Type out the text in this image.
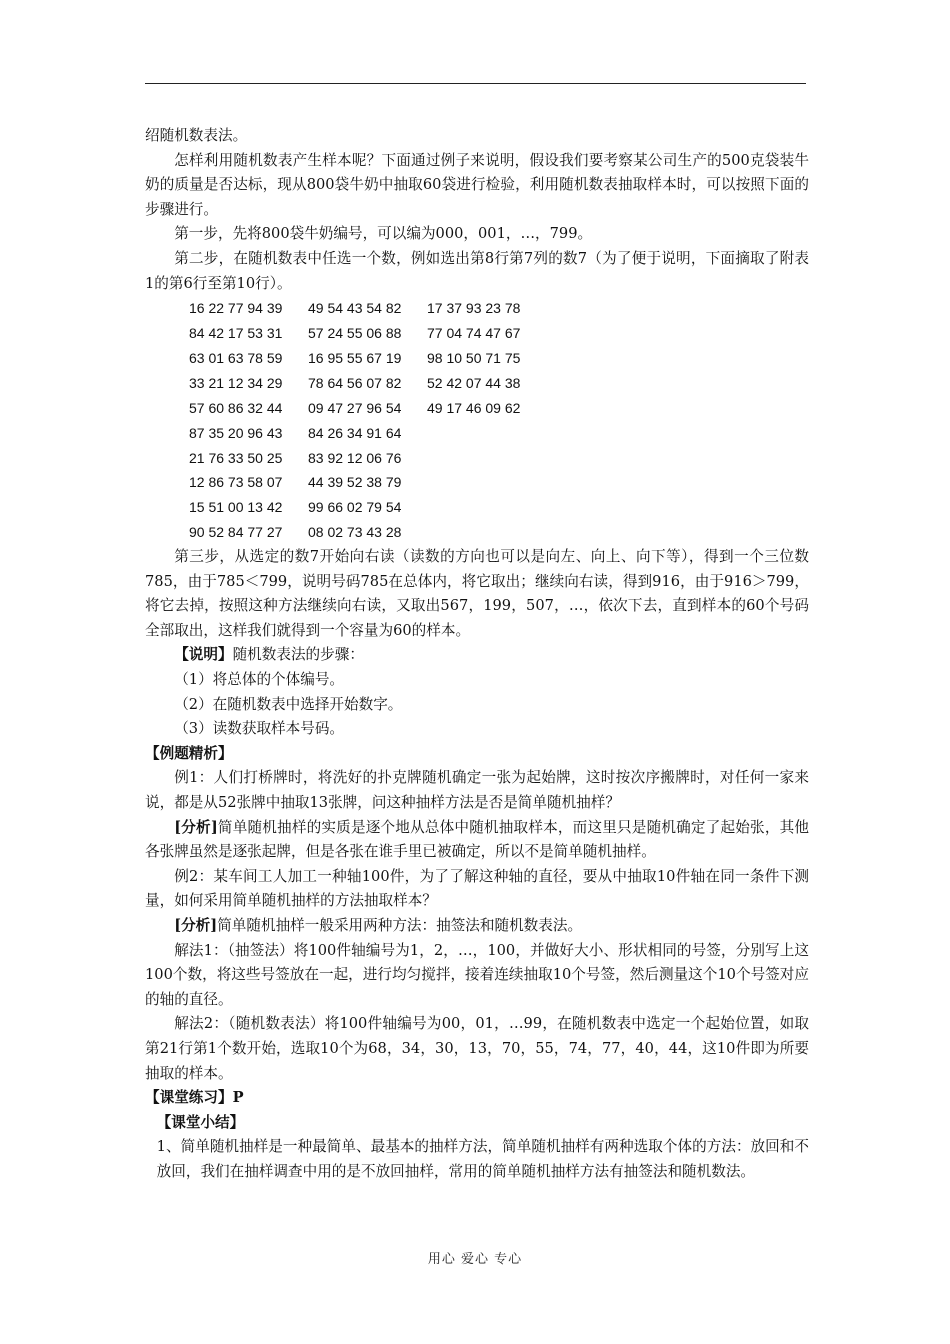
绍随机数表法。

怎样利用随机数表产生样本呢？下面通过例子来说明，假设我们要考察某公司生产的500克袋装牛奶的质量是否达标，现从800袋牛奶中抽取60袋进行检验，利用随机数表抽取样本时，可以按照下面的步骤进行。

第一步，先将800袋牛奶编号，可以编为000，001，…，799。

第二步，在随机数表中任选一个数，例如选出第8行第7列的数7（为了便于说明，下面摘取了附表1的第6行至第10行）。

16 22 77 94 39	49 54 43 54 82	17 37 93 23 78
84 42 17 53 31	57 24 55 06 88	77 04 74 47 67
63 01 63 78 59	16 95 55 67 19	98 10 50 71 75
33 21 12 34 29	78 64 56 07 82	52 42 07 44 38
57 60 86 32 44	09 47 27 96 54	49 17 46 09 62
87 35 20 96 43	84 26 34 91 64
21 76 33 50 25	83 92 12 06 76
12 86 73 58 07	44 39 52 38 79
15 51 00 13 42	99 66 02 79 54
90 52 84 77 27	08 02 73 43 28

第三步，从选定的数7开始向右读（读数的方向也可以是向左、向上、向下等），得到一个三位数785，由于785＜799，说明号码785在总体内，将它取出；继续向右读，得到916，由于916＞799，将它去掉，按照这种方法继续向右读，又取出567，199，507，…，依次下去，直到样本的60个号码全部取出，这样我们就得到一个容量为60的样本。

【说明】随机数表法的步骤：

（1）将总体的个体编号。

（2）在随机数表中选择开始数字。

（3）读数获取样本号码。

【例题精析】

例1：人们打桥牌时，将洗好的扑克牌随机确定一张为起始牌，这时按次序搬牌时，对任何一家来说，都是从52张牌中抽取13张牌，问这种抽样方法是否是简单随机抽样？

[分析]简单随机抽样的实质是逐个地从总体中随机抽取样本，而这里只是随机确定了起始张，其他各张牌虽然是逐张起牌，但是各张在谁手里已被确定，所以不是简单随机抽样。

例2：某车间工人加工一种轴100件，为了了解这种轴的直径，要从中抽取10件轴在同一条件下测量，如何采用简单随机抽样的方法抽取样本？

[分析]简单随机抽样一般采用两种方法：抽签法和随机数表法。

解法1：（抽签法）将100件轴编号为1，2，…，100，并做好大小、形状相同的号签，分别写上这100个数，将这些号签放在一起，进行均匀搅拌，接着连续抽取10个号签，然后测量这个10个号签对应的轴的直径。

解法2：（随机数表法）将100件轴编号为00，01，…99，在随机数表中选定一个起始位置，如取第21行第1个数开始，选取10个为68，34，30，13，70，55，74，77，40，44，这10件即为所要抽取的样本。

【课堂练习】P

【课堂小结】

1、简单随机抽样是一种最简单、最基本的抽样方法，简单随机抽样有两种选取个体的方法：放回和不放回，我们在抽样调查中用的是不放回抽样，常用的简单随机抽样方法有抽签法和随机数法。

用心 爱心 专心
